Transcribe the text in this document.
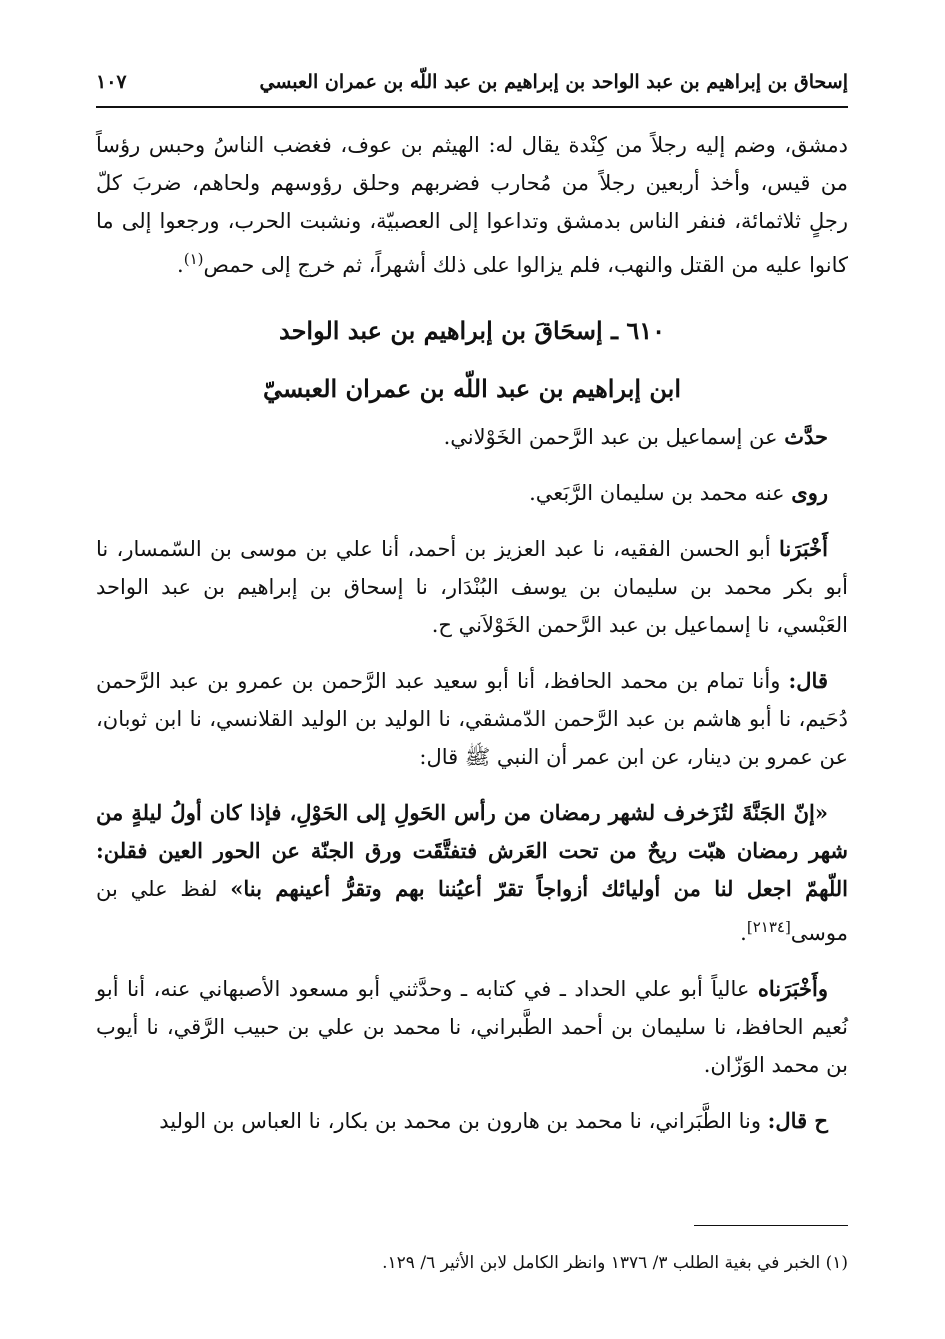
إسحاق بن إبراهيم بن عبد الواحد بن إبراهيم بن عبد اللّه بن عمران العبسي
١٠٧

دمشق، وضم إليه رجلاً من كِنْدة يقال له: الهيثم بن عوف، فغضب الناسُ وحبس رؤساً من قيس، وأخذ أربعين رجلاً من مُحارب فضربهم وحلق رؤوسهم ولحاهم، ضربَ كلّ رجلٍ ثلاثمائة، فنفر الناس بدمشق وتداعوا إلى العصبيّة، ونشبت الحرب، ورجعوا إلى ما كانوا عليه من القتل والنهب، فلم يزالوا على ذلك أشهراً، ثم خرج إلى حمص$^{(١)}$.

٦١٠ ـ إسحَاقَ بن إبراهيم بن عبد الواحد

ابن إبراهيم بن عبد اللّه بن عمران العبسيّ

حدَّث عن إسماعيل بن عبد الرَّحمن الخَوْلاني.

روى عنه محمد بن سليمان الرَّبَعي.

أَخْبَرَنا أبو الحسن الفقيه، نا عبد العزيز بن أحمد، أنا علي بن موسى بن السّمسار، نا أبو بكر محمد بن سليمان بن يوسف البُنْدَار، نا إسحاق بن إبراهيم بن عبد الواحد العَبْسي، نا إسماعيل بن عبد الرَّحمن الخَوْلاَني ح.

قال: وأنا تمام بن محمد الحافظ، أنا أبو سعيد عبد الرَّحمن بن عمرو بن عبد الرَّحمن دُحَيم، نا أبو هاشم بن عبد الرَّحمن الدّمشقي، نا الوليد بن الوليد القلانسي، نا ابن ثوبان، عن عمرو بن دينار، عن ابن عمر أن النبي ﷺ قال:

«إنّ الجَنَّةَ لتُزَخرف لشهر رمضان من رأس الحَولِ إلى الحَوْلِ، فإذا كان أولُ ليلةٍ من شهر رمضان هبّت ريحٌ من تحت العَرش فتفتَّقَت ورق الجنّة عن الحور العين فقلن: اللّهمّ اجعل لنا من أوليائك أزواجاً تقرّ أعيُننا بهم وتقرُّ أعينهم بنا» لفظ علي بن موسى[٢١٣٤].

وأَخْبَرَناه عالياً أبو علي الحداد ـ في كتابه ـ وحدَّثني أبو مسعود الأصبهاني عنه، أنا أبو نُعيم الحافظ، نا سليمان بن أحمد الطَّبراني، نا محمد بن علي بن حبيب الرَّقي، نا أيوب بن محمد الوَزّان.

ح قال: ونا الطَّبَراني، نا محمد بن هارون بن محمد بن بكار، نا العباس بن الوليد

(١) الخبر في بغية الطلب ٣/ ١٣٧٦ وانظر الكامل لابن الأثير ٦/ ١٢٩.
